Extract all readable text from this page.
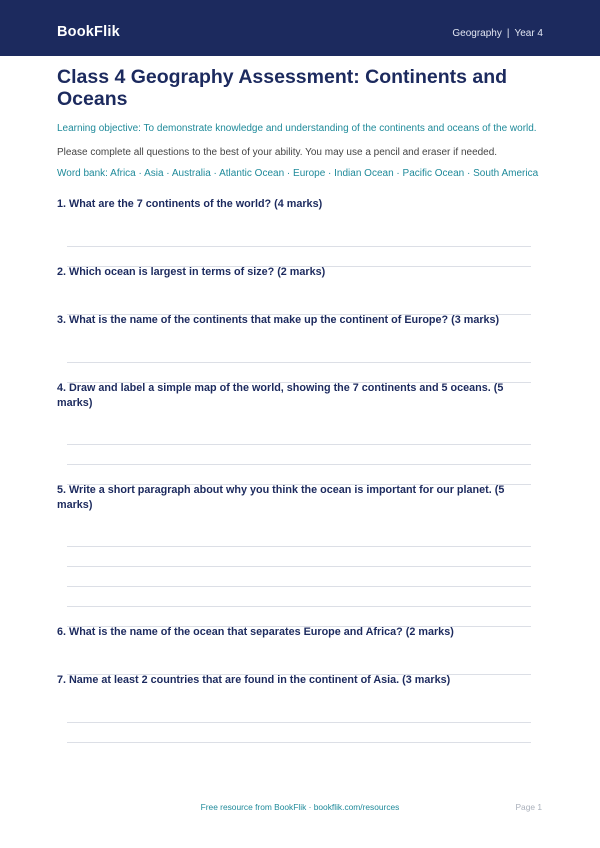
BookFlik	Geography | Year 4
Class 4 Geography Assessment: Continents and Oceans
Learning objective: To demonstrate knowledge and understanding of the continents and oceans of the world.
Please complete all questions to the best of your ability. You may use a pencil and eraser if needed.
Word bank: Africa · Asia · Australia · Atlantic Ocean · Europe · Indian Ocean · Pacific Ocean · South America
1. What are the 7 continents of the world? (4 marks)
2. Which ocean is largest in terms of size? (2 marks)
3. What is the name of the continents that make up the continent of Europe? (3 marks)
4. Draw and label a simple map of the world, showing the 7 continents and 5 oceans. (5 marks)
5. Write a short paragraph about why you think the ocean is important for our planet. (5 marks)
6. What is the name of the ocean that separates Europe and Africa? (2 marks)
7. Name at least 2 countries that are found in the continent of Asia. (3 marks)
Free resource from BookFlik · bookflik.com/resources	Page 1
